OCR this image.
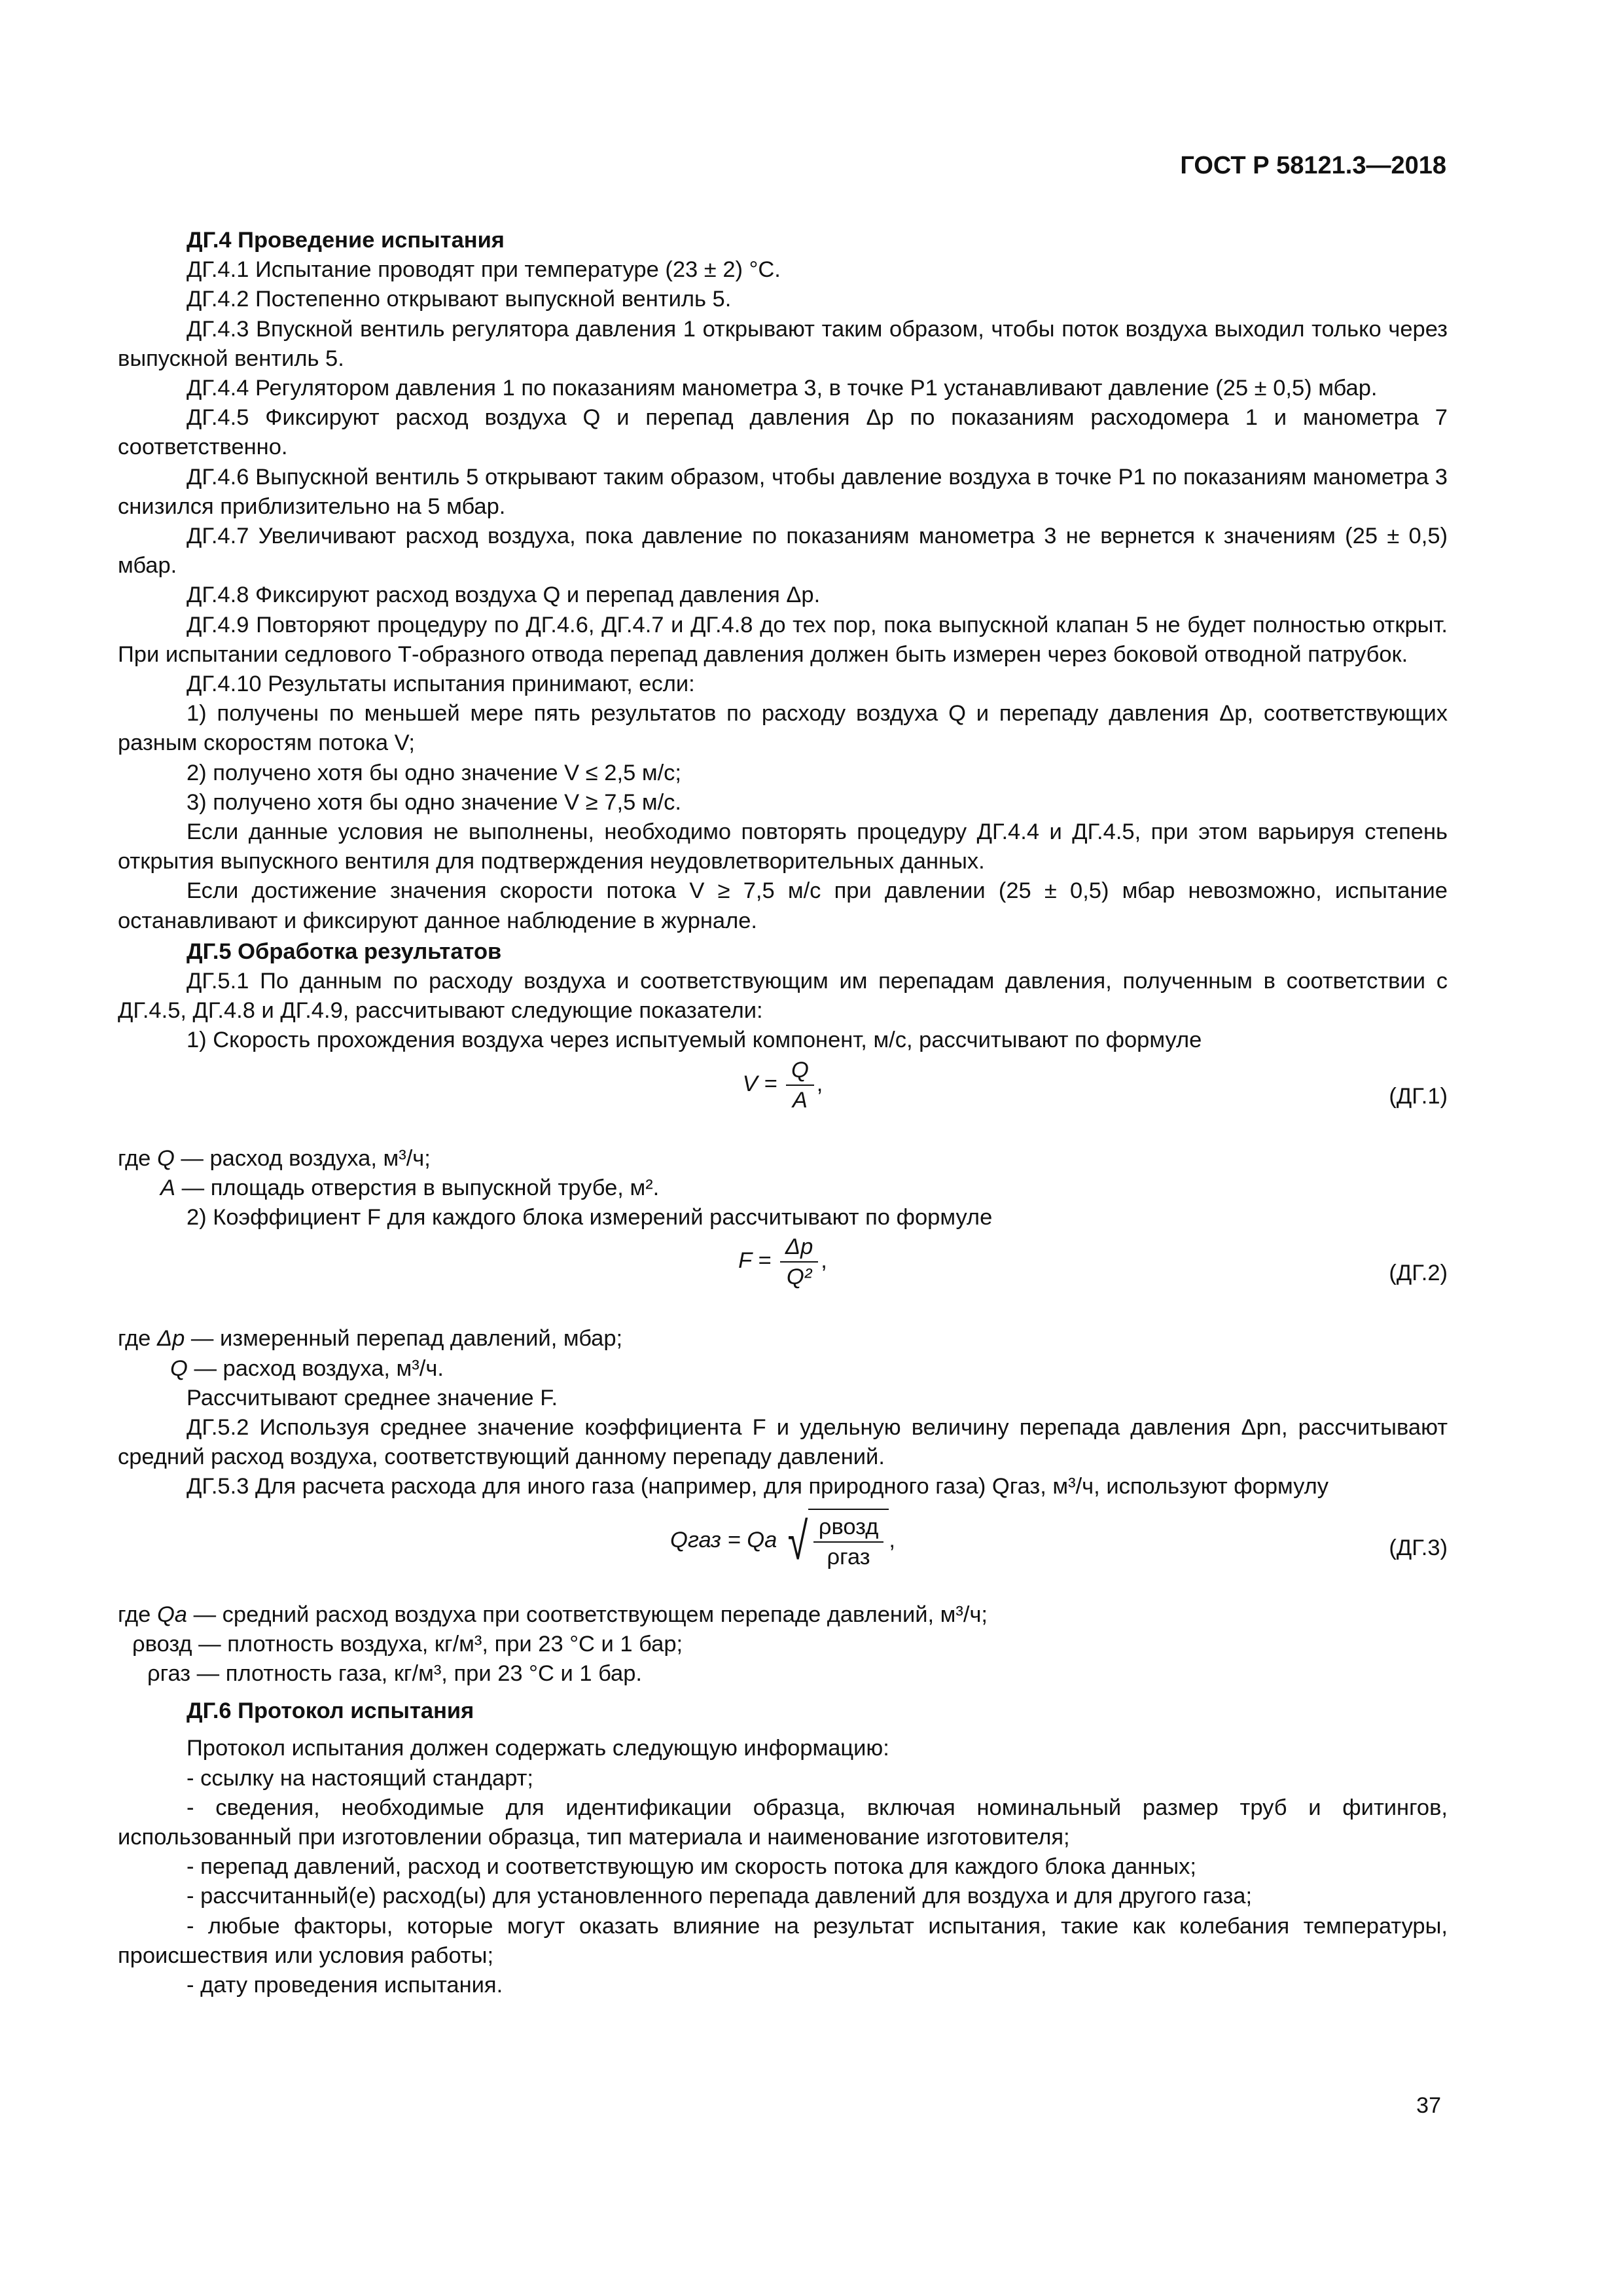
ГОСТ Р 58121.3—2018

ДГ.4 Проведение испытания

ДГ.4.1 Испытание проводят при температуре (23 ± 2) °С.

ДГ.4.2 Постепенно открывают выпускной вентиль 5.

ДГ.4.3 Впускной вентиль регулятора давления 1 открывают таким образом, чтобы поток воздуха выходил только через выпускной вентиль 5.

ДГ.4.4 Регулятором давления 1 по показаниям манометра 3, в точке P1 устанавливают давление (25 ± 0,5) мбар.

ДГ.4.5 Фиксируют расход воздуха Q и перепад давления Δp по показаниям расходомера 1 и манометра 7 соответственно.

ДГ.4.6 Выпускной вентиль 5 открывают таким образом, чтобы давление воздуха в точке P1 по показаниям манометра 3 снизился приблизительно на 5 мбар.

ДГ.4.7 Увеличивают расход воздуха, пока давление по показаниям манометра 3 не вернется к значениям (25 ± 0,5) мбар.

ДГ.4.8 Фиксируют расход воздуха Q и перепад давления Δp.

ДГ.4.9 Повторяют процедуру по ДГ.4.6, ДГ.4.7 и ДГ.4.8 до тех пор, пока выпускной клапан 5 не будет полностью открыт. При испытании седлового Т-образного отвода перепад давления должен быть измерен через боковой отводной патрубок.

ДГ.4.10 Результаты испытания принимают, если:

1) получены по меньшей мере пять результатов по расходу воздуха Q и перепаду давления Δp, соответствующих разным скоростям потока V;

2) получено хотя бы одно значение V ≤ 2,5 м/с;

3) получено хотя бы одно значение V ≥ 7,5 м/с.

Если данные условия не выполнены, необходимо повторять процедуру ДГ.4.4 и ДГ.4.5, при этом варьируя степень открытия выпускного вентиля для подтверждения неудовлетворительных данных.

Если достижение значения скорости потока V ≥ 7,5 м/с при давлении (25 ± 0,5) мбар невозможно, испытание останавливают и фиксируют данное наблюдение в журнале.

ДГ.5 Обработка результатов

ДГ.5.1 По данным по расходу воздуха и соответствующим им перепадам давления, полученным в соответствии с ДГ.4.5, ДГ.4.8 и ДГ.4.9, рассчитывают следующие показатели:

1) Скорость прохождения воздуха через испытуемый компонент, м/с, рассчитывают по формуле

$V = \frac{Q}{A}$ ,	(ДГ.1)

где Q — расход воздуха, м³/ч;

A — площадь отверстия в выпускной трубе, м².

2) Коэффициент F для каждого блока измерений рассчитывают по формуле

$F = \frac{\Delta p}{\text{Q²}}$ ,	(ДГ.2)

где Δp — измеренный перепад давлений, мбар;

Q — расход воздуха, м³/ч.

Рассчитывают среднее значение F.

ДГ.5.2 Используя среднее значение коэффициента F и удельную величину перепада давления Δpn, рассчитывают средний расход воздуха, соответствующий данному перепаду давлений.

ДГ.5.3 Для расчета расхода для иного газа (например, для природного газа) Qгаз, м³/ч, используют формулу

Qгаз = Qa √ $\frac{\text{ρвозд}}{\text{ρгаз}}$ ,	(ДГ.3)

где Qa — средний расход воздуха при соответствующем перепаде давлений, м³/ч;

ρвозд — плотность воздуха, кг/м³, при 23 °С и 1 бар;

ρгаз — плотность газа, кг/м³, при 23 °С и 1 бар.

ДГ.6 Протокол испытания

Протокол испытания должен содержать следующую информацию:

- ссылку на настоящий стандарт;

- сведения, необходимые для идентификации образца, включая номинальный размер труб и фитингов, использованный при изготовлении образца, тип материала и наименование изготовителя;

- перепад давлений, расход и соответствующую им скорость потока для каждого блока данных;

- рассчитанный(е) расход(ы) для установленного перепада давлений для воздуха и для другого газа;

- любые факторы, которые могут оказать влияние на результат испытания, такие как колебания температуры, происшествия или условия работы;

- дату проведения испытания.

37
